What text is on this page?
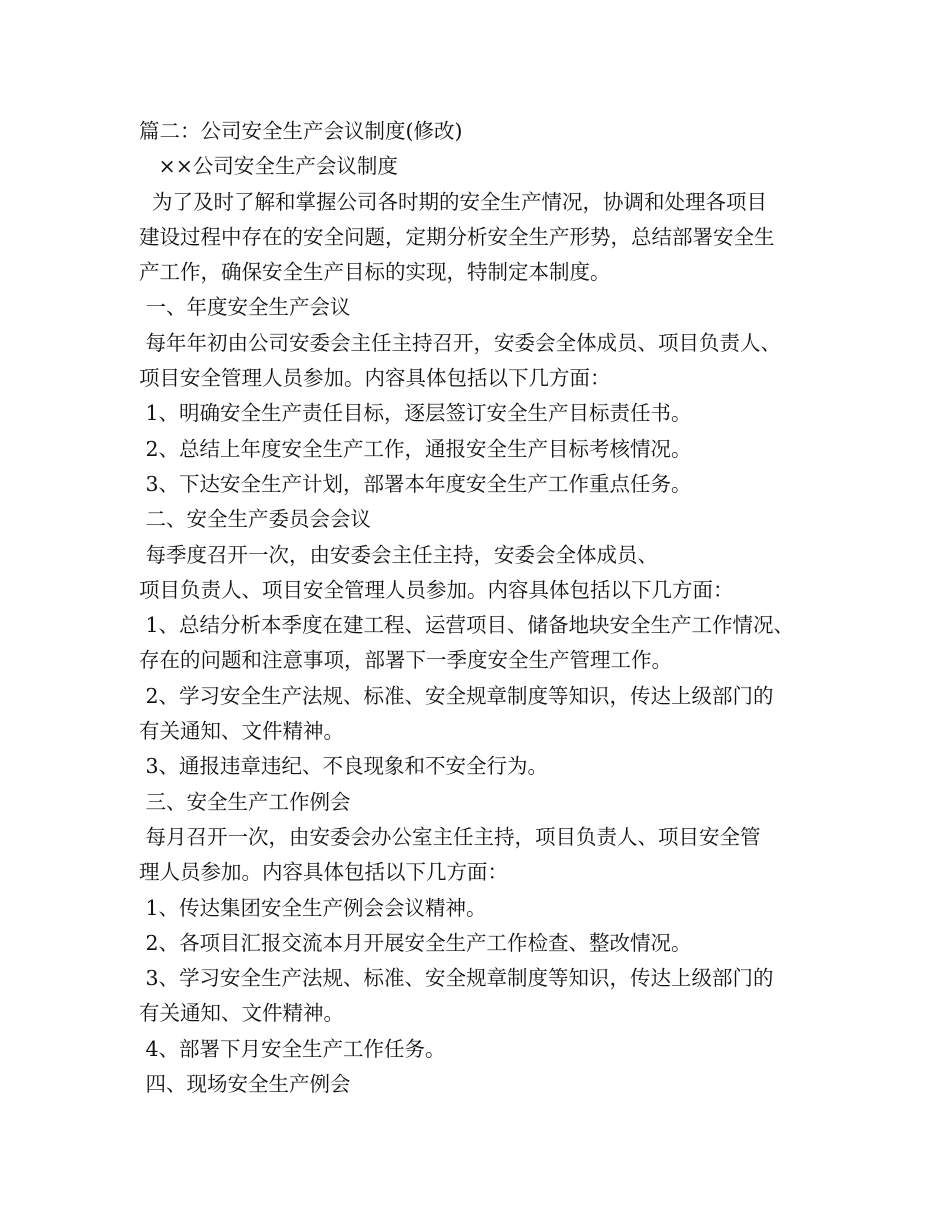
篇二：公司安全生产会议制度(修改)
××公司安全生产会议制度
为了及时了解和掌握公司各时期的安全生产情况，协调和处理各项目
建设过程中存在的安全问题，定期分析安全生产形势，总结部署安全生
产工作，确保安全生产目标的实现，特制定本制度。
一、年度安全生产会议
每年年初由公司安委会主任主持召开，安委会全体成员、项目负责人、
项目安全管理人员参加。内容具体包括以下几方面：
1、明确安全生产责任目标，逐层签订安全生产目标责任书。
2、总结上年度安全生产工作，通报安全生产目标考核情况。
3、下达安全生产计划，部署本年度安全生产工作重点任务。
二、安全生产委员会会议
每季度召开一次，由安委会主任主持，安委会全体成员、
项目负责人、项目安全管理人员参加。内容具体包括以下几方面：
1、总结分析本季度在建工程、运营项目、储备地块安全生产工作情况、
存在的问题和注意事项，部署下一季度安全生产管理工作。
2、学习安全生产法规、标准、安全规章制度等知识，传达上级部门的
有关通知、文件精神。
3、通报违章违纪、不良现象和不安全行为。
三、安全生产工作例会
每月召开一次，由安委会办公室主任主持，项目负责人、项目安全管
理人员参加。内容具体包括以下几方面：
1、传达集团安全生产例会会议精神。
2、各项目汇报交流本月开展安全生产工作检查、整改情况。
3、学习安全生产法规、标准、安全规章制度等知识，传达上级部门的
有关通知、文件精神。
4、部署下月安全生产工作任务。
四、现场安全生产例会
